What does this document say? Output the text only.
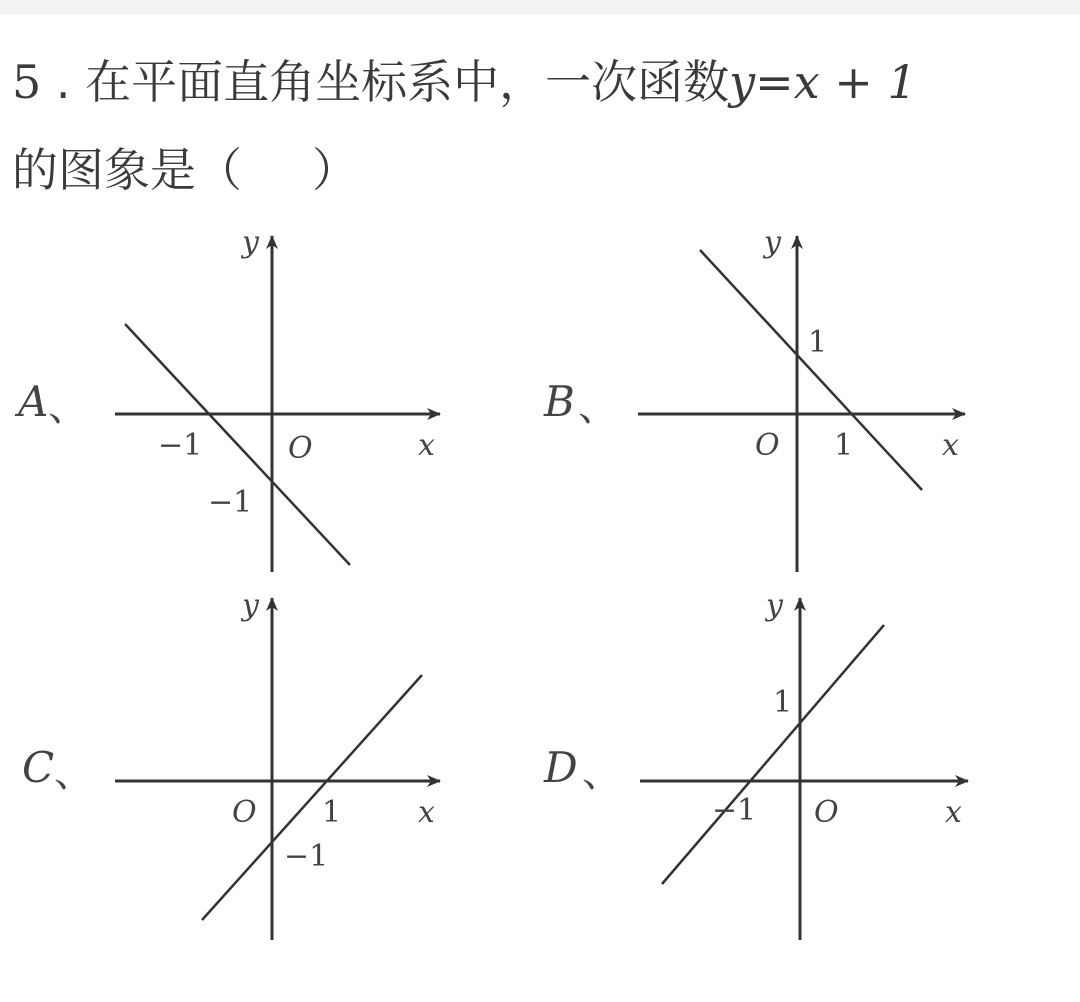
5 . 在平面直角坐标系中，一次函数y=x + 1
的图象是（ ）
A 、
y
x
O
−1
−1
B 、
y
x
O
1
1
C 、
y
x
O 1
−1
D 、
y
x
O
1
−1
